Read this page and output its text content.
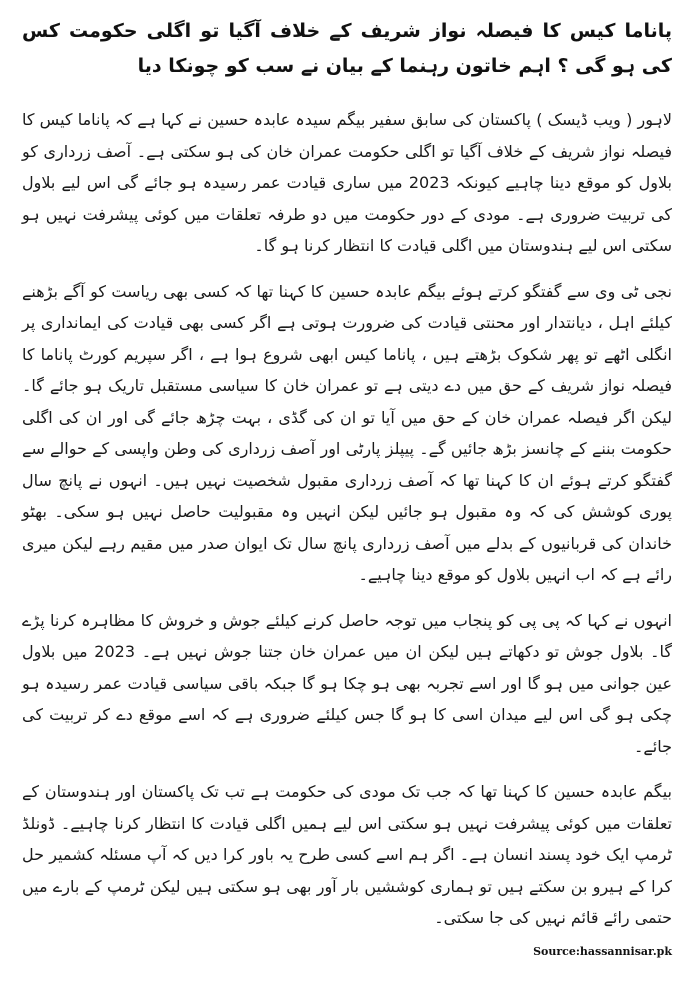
پاناما کیس کا فیصلہ نواز شریف کے خلاف آگیا تو اگلی حکومت کس کی ہو گی ؟ اہم خاتون رہنما کے بیان نے سب کو چونکا دیا

لاہور ( ویب ڈیسک ) پاکستان کی سابق سفیر بیگم سیدہ عابدہ حسین نے کہا ہے کہ پاناما کیس کا فیصلہ نواز شریف کے خلاف آگیا تو اگلی حکومت عمران خان کی ہو سکتی ہے۔ آصف زرداری کو بلاول کو موقع دینا چاہیے کیونکہ 2023 میں ساری قیادت عمر رسیدہ ہو جائے گی اس لیے بلاول کی تربیت ضروری ہے۔ مودی کے دور حکومت میں دو طرفہ تعلقات میں کوئی پیشرفت نہیں ہو سکتی اس لیے ہندوستان میں اگلی قیادت کا انتظار کرنا ہو گا۔

نجی ٹی وی سے گفتگو کرتے ہوئے بیگم عابدہ حسین کا کہنا تھا کہ کسی بھی ریاست کو آگے بڑھنے کیلئے اہل ، دیانتدار اور محنتی قیادت کی ضرورت ہوتی ہے اگر کسی بھی قیادت کی ایمانداری پر انگلی اٹھے تو پھر شکوک بڑھتے ہیں ، پاناما کیس ابھی شروع ہوا ہے ، اگر سپریم کورٹ پاناما کا فیصلہ نواز شریف کے حق میں دے دیتی ہے تو عمران خان کا سیاسی مستقبل تاریک ہو جائے گا۔ لیکن اگر فیصلہ عمران خان کے حق میں آیا تو ان کی گڈی ، بہت چڑھ جائے گی اور ان کی اگلی حکومت بننے کے چانسز بڑھ جائیں گے۔ پیپلز پارٹی اور آصف زرداری کی وطن واپسی کے حوالے سے گفتگو کرتے ہوئے ان کا کہنا تھا کہ آصف زرداری مقبول شخصیت نہیں ہیں۔ انہوں نے پانچ سال پوری کوشش کی کہ وہ مقبول ہو جائیں لیکن انہیں وہ مقبولیت حاصل نہیں ہو سکی۔ بھٹو خاندان کی قربانیوں کے بدلے میں آصف زرداری پانچ سال تک ایوان صدر میں مقیم رہے لیکن میری رائے ہے کہ اب انہیں بلاول کو موقع دینا چاہیے۔

انہوں نے کہا کہ پی پی کو پنجاب میں توجہ حاصل کرنے کیلئے جوش و خروش کا مظاہرہ کرنا پڑے گا۔ بلاول جوش تو دکھاتے ہیں لیکن ان میں عمران خان جتنا جوش نہیں ہے۔ 2023 میں بلاول عین جوانی میں ہو گا اور اسے تجربہ بھی ہو چکا ہو گا جبکہ باقی سیاسی قیادت عمر رسیدہ ہو چکی ہو گی اس لیے میدان اسی کا ہو گا جس کیلئے ضروری ہے کہ اسے موقع دے کر تربیت کی جائے۔

بیگم عابدہ حسین کا کہنا تھا کہ جب تک مودی کی حکومت ہے تب تک پاکستان اور ہندوستان کے تعلقات میں کوئی پیشرفت نہیں ہو سکتی اس لیے ہمیں اگلی قیادت کا انتظار کرنا چاہیے۔ ڈونلڈ ٹرمپ ایک خود پسند انسان ہے۔ اگر ہم اسے کسی طرح یہ باور کرا دیں کہ آپ مسئلہ کشمیر حل کرا کے ہیرو بن سکتے ہیں تو ہماری کوششیں بار آور بھی ہو سکتی ہیں لیکن ٹرمپ کے بارے میں حتمی رائے قائم نہیں کی جا سکتی۔

Source:hassannisar.pk
